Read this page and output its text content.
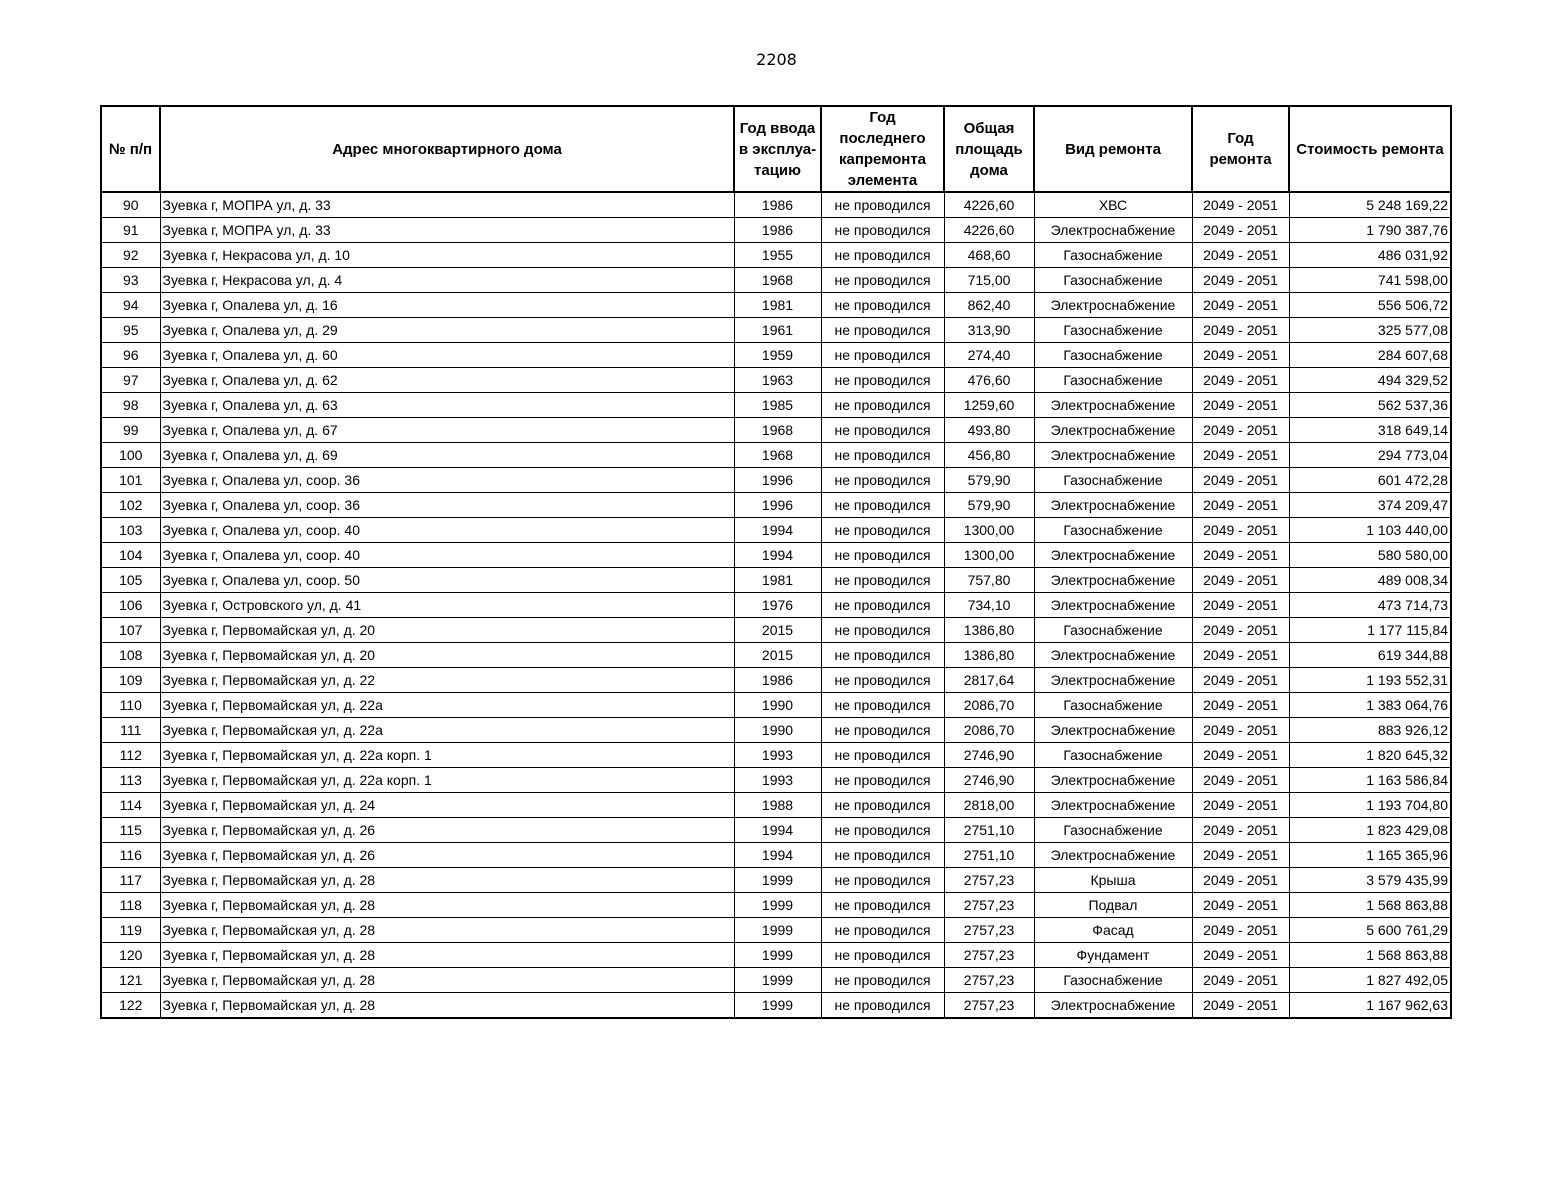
2208
№ п/п	Адрес многоквартирного дома	Год ввода в эксплуа-тацию	Год последнего капремонта элемента	Общая площадь дома	Вид ремонта	Год ремонта	Стоимость ремонта
90	Зуевка г, МОПРА ул, д. 33	1986	не проводился	4226,60	ХВС	2049 - 2051	5 248 169,22
91	Зуевка г, МОПРА ул, д. 33	1986	не проводился	4226,60	Электроснабжение	2049 - 2051	1 790 387,76
92	Зуевка г, Некрасова ул, д. 10	1955	не проводился	468,60	Газоснабжение	2049 - 2051	486 031,92
93	Зуевка г, Некрасова ул, д. 4	1968	не проводился	715,00	Газоснабжение	2049 - 2051	741 598,00
94	Зуевка г, Опалева ул, д. 16	1981	не проводился	862,40	Электроснабжение	2049 - 2051	556 506,72
95	Зуевка г, Опалева ул, д. 29	1961	не проводился	313,90	Газоснабжение	2049 - 2051	325 577,08
96	Зуевка г, Опалева ул, д. 60	1959	не проводился	274,40	Газоснабжение	2049 - 2051	284 607,68
97	Зуевка г, Опалева ул, д. 62	1963	не проводился	476,60	Газоснабжение	2049 - 2051	494 329,52
98	Зуевка г, Опалева ул, д. 63	1985	не проводился	1259,60	Электроснабжение	2049 - 2051	562 537,36
99	Зуевка г, Опалева ул, д. 67	1968	не проводился	493,80	Электроснабжение	2049 - 2051	318 649,14
100	Зуевка г, Опалева ул, д. 69	1968	не проводился	456,80	Электроснабжение	2049 - 2051	294 773,04
101	Зуевка г, Опалева ул, соор. 36	1996	не проводился	579,90	Газоснабжение	2049 - 2051	601 472,28
102	Зуевка г, Опалева ул, соор. 36	1996	не проводился	579,90	Электроснабжение	2049 - 2051	374 209,47
103	Зуевка г, Опалева ул, соор. 40	1994	не проводился	1300,00	Газоснабжение	2049 - 2051	1 103 440,00
104	Зуевка г, Опалева ул, соор. 40	1994	не проводился	1300,00	Электроснабжение	2049 - 2051	580 580,00
105	Зуевка г, Опалева ул, соор. 50	1981	не проводился	757,80	Электроснабжение	2049 - 2051	489 008,34
106	Зуевка г, Островского ул, д. 41	1976	не проводился	734,10	Электроснабжение	2049 - 2051	473 714,73
107	Зуевка г, Первомайская ул, д. 20	2015	не проводился	1386,80	Газоснабжение	2049 - 2051	1 177 115,84
108	Зуевка г, Первомайская ул, д. 20	2015	не проводился	1386,80	Электроснабжение	2049 - 2051	619 344,88
109	Зуевка г, Первомайская ул, д. 22	1986	не проводился	2817,64	Электроснабжение	2049 - 2051	1 193 552,31
110	Зуевка г, Первомайская ул, д. 22а	1990	не проводился	2086,70	Газоснабжение	2049 - 2051	1 383 064,76
111	Зуевка г, Первомайская ул, д. 22а	1990	не проводился	2086,70	Электроснабжение	2049 - 2051	883 926,12
112	Зуевка г, Первомайская ул, д. 22а корп. 1	1993	не проводился	2746,90	Газоснабжение	2049 - 2051	1 820 645,32
113	Зуевка г, Первомайская ул, д. 22а корп. 1	1993	не проводился	2746,90	Электроснабжение	2049 - 2051	1 163 586,84
114	Зуевка г, Первомайская ул, д. 24	1988	не проводился	2818,00	Электроснабжение	2049 - 2051	1 193 704,80
115	Зуевка г, Первомайская ул, д. 26	1994	не проводился	2751,10	Газоснабжение	2049 - 2051	1 823 429,08
116	Зуевка г, Первомайская ул, д. 26	1994	не проводился	2751,10	Электроснабжение	2049 - 2051	1 165 365,96
117	Зуевка г, Первомайская ул, д. 28	1999	не проводился	2757,23	Крыша	2049 - 2051	3 579 435,99
118	Зуевка г, Первомайская ул, д. 28	1999	не проводился	2757,23	Подвал	2049 - 2051	1 568 863,88
119	Зуевка г, Первомайская ул, д. 28	1999	не проводился	2757,23	Фасад	2049 - 2051	5 600 761,29
120	Зуевка г, Первомайская ул, д. 28	1999	не проводился	2757,23	Фундамент	2049 - 2051	1 568 863,88
121	Зуевка г, Первомайская ул, д. 28	1999	не проводился	2757,23	Газоснабжение	2049 - 2051	1 827 492,05
122	Зуевка г, Первомайская ул, д. 28	1999	не проводился	2757,23	Электроснабжение	2049 - 2051	1 167 962,63
